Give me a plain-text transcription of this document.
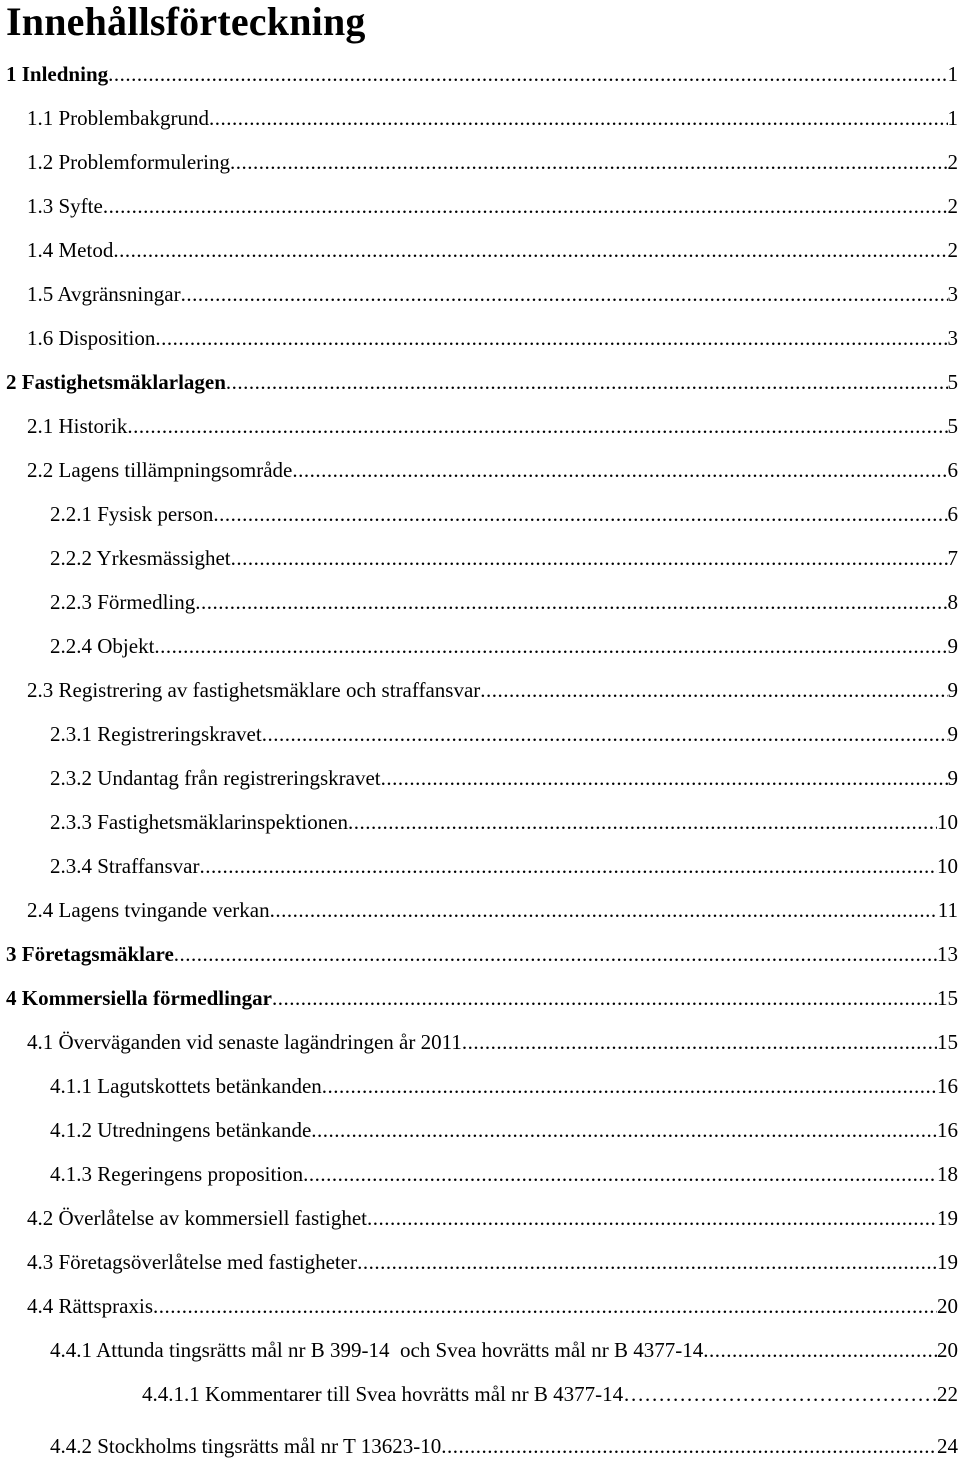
Innehållsförteckning
1 Inledning .....	1
1.1 Problembakgrund .....	1
1.2 Problemformulering .....	2
1.3 Syfte .....	2
1.4 Metod .....	2
1.5 Avgränsningar .....	3
1.6 Disposition .....	3
2 Fastighetsmäklarlagen .....	5
2.1 Historik .....	5
2.2 Lagens tillämpningsområde .....	6
2.2.1 Fysisk person .....	6
2.2.2 Yrkesmässighet .....	7
2.2.3 Förmedling .....	8
2.2.4 Objekt .....	9
2.3 Registrering av fastighetsmäklare och straffansvar .....	9
2.3.1 Registreringskravet .....	9
2.3.2 Undantag från registreringskravet .....	9
2.3.3 Fastighetsmäklarinspektionen .....	10
2.3.4 Straffansvar .....	10
2.4 Lagens tvingande verkan .....	11
3 Företagsmäklare .....	13
4 Kommersiella förmedlingar .....	15
4.1 Överväganden vid senaste lagändringen år 2011 .....	15
4.1.1 Lagutskottets betänkanden .....	16
4.1.2 Utredningens betänkande .....	16
4.1.3 Regeringens proposition .....	18
4.2 Överlåtelse av kommersiell fastighet .....	19
4.3 Företagsöverlåtelse med fastigheter .....	19
4.4 Rättspraxis .....	20
4.4.1 Attunda tingsrätts mål nr B 399-14  och Svea hovrätts mål nr B 4377-14 .....	20
4.4.1.1 Kommentarer till Svea hovrätts mål nr B 4377-14 …………………………………………………………………………………………………………	22
4.4.2 Stockholms tingsrätts mål nr T 13623-10 .....	24
